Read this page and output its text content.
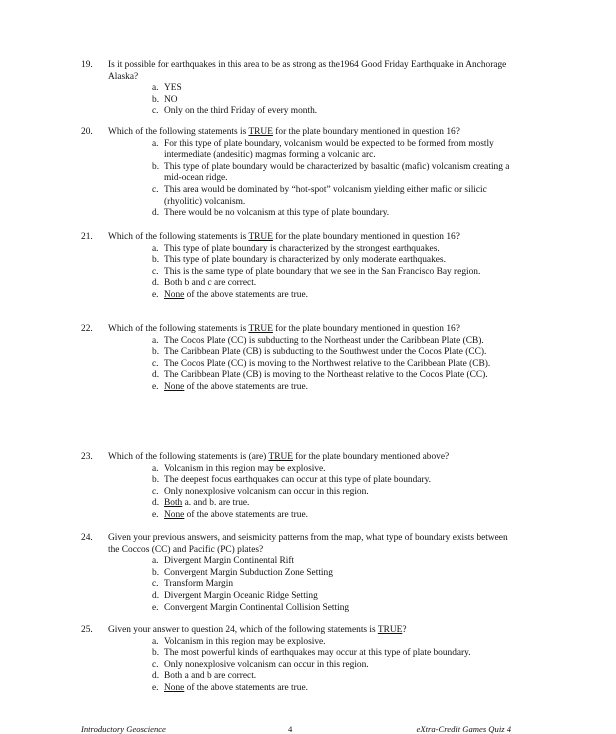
19. Is it possible for earthquakes in this area to be as strong as the1964 Good Friday Earthquake in Anchorage Alaska?
a. YES
b. NO
c. Only on the third Friday of every month.
20. Which of the following statements is TRUE for the plate boundary mentioned in question 16?
a. For this type of plate boundary, volcanism would be expected to be formed from mostly intermediate (andesitic) magmas forming a volcanic arc.
b. This type of plate boundary would be characterized by basaltic (mafic) volcanism creating a mid-ocean ridge.
c. This area would be dominated by “hot-spot” volcanism yielding either mafic or silicic (rhyolitic) volcanism.
d. There would be no volcanism at this type of plate boundary.
21. Which of the following statements is TRUE for the plate boundary mentioned in question 16?
a. This type of plate boundary is characterized by the strongest earthquakes.
b. This type of plate boundary is characterized by only moderate earthquakes.
c. This is the same type of plate boundary that we see in the San Francisco Bay region.
d. Both b and c are correct.
e. None of the above statements are true.
22. Which of the following statements is TRUE for the plate boundary mentioned in question 16?
a. The Cocos Plate (CC) is subducting to the Northeast under the Caribbean Plate (CB).
b. The Caribbean Plate (CB) is subducting to the Southwest under the Cocos Plate (CC).
c. The Cocos Plate (CC) is moving to the Northwest relative to the Caribbean Plate (CB).
d. The Caribbean Plate (CB) is moving to the Northeast relative to the Cocos Plate (CC).
e. None of the above statements are true.
23. Which of the following statements is (are) TRUE for the plate boundary mentioned above?
a. Volcanism in this region may be explosive.
b. The deepest focus earthquakes can occur at this type of plate boundary.
c. Only nonexplosive volcanism can occur in this region.
d. Both a. and b. are true.
e. None of the above statements are true.
24. Given your previous answers, and seismicity patterns from the map, what type of boundary exists between the Coccos (CC) and Pacific (PC) plates?
a. Divergent Margin Continental Rift
b. Convergent Margin Subduction Zone Setting
c. Transform Margin
d. Divergent Margin Oceanic Ridge Setting
e. Convergent Margin Continental Collision Setting
25. Given your answer to question 24, which of the following statements is TRUE?
a. Volcanism in this region may be explosive.
b. The most powerful kinds of earthquakes may occur at this type of plate boundary.
c. Only nonexplosive volcanism can occur in this region.
d. Both a and b are correct.
e. None of the above statements are true.
Introductory Geoscience	4	eXtra-Credit Games Quiz 4
